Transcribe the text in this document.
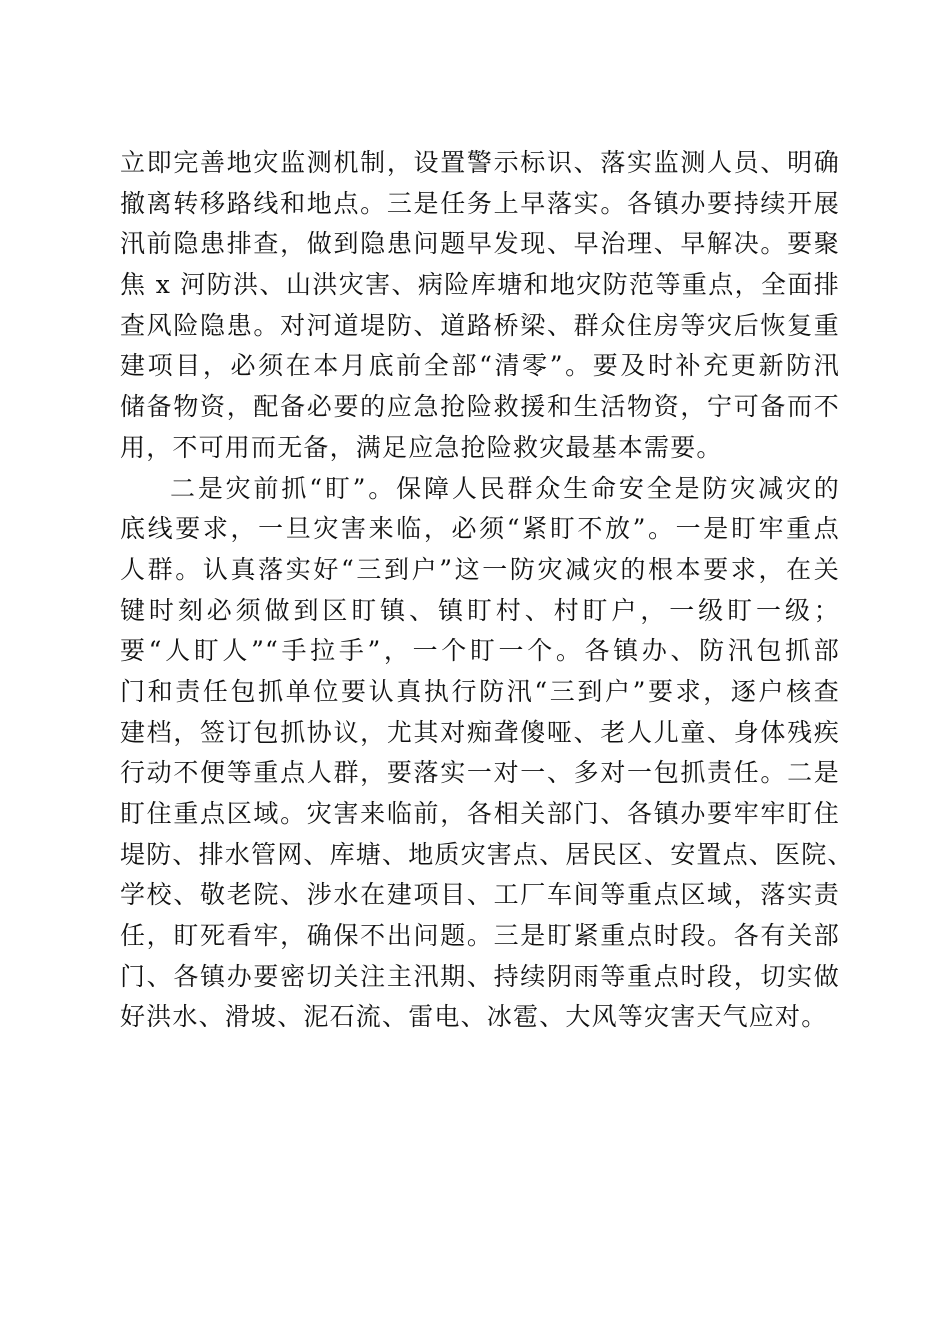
立即完善地灾监测机制，设置警示标识、落实监测人员、明确
撤离转移路线和地点。三是任务上早落实。各镇办要持续开展
汛前隐患排查，做到隐患问题早发现、早治理、早解决。要聚
焦 x 河防洪、山洪灾害、病险库塘和地灾防范等重点，全面排
查风险隐患。对河道堤防、道路桥梁、群众住房等灾后恢复重
建项目，必须在本月底前全部“清零”。要及时补充更新防汛
储备物资，配备必要的应急抢险救援和生活物资，宁可备而不
用，不可用而无备，满足应急抢险救灾最基本需要。
二是灾前抓“盯”。保障人民群众生命安全是防灾减灾的
底线要求，一旦灾害来临，必须“紧盯不放”。一是盯牢重点
人群。认真落实好“三到户”这一防灾减灾的根本要求，在关
键时刻必须做到区盯镇、镇盯村、村盯户，一级盯一级；
要“人盯人”“手拉手”，一个盯一个。各镇办、防汛包抓部
门和责任包抓单位要认真执行防汛“三到户”要求，逐户核查
建档，签订包抓协议，尤其对痴聋傻哑、老人儿童、身体残疾
行动不便等重点人群，要落实一对一、多对一包抓责任。二是
盯住重点区域。灾害来临前，各相关部门、各镇办要牢牢盯住
堤防、排水管网、库塘、地质灾害点、居民区、安置点、医院、
学校、敬老院、涉水在建项目、工厂车间等重点区域，落实责
任，盯死看牢，确保不出问题。三是盯紧重点时段。各有关部
门、各镇办要密切关注主汛期、持续阴雨等重点时段，切实做
好洪水、滑坡、泥石流、雷电、冰雹、大风等灾害天气应对。
